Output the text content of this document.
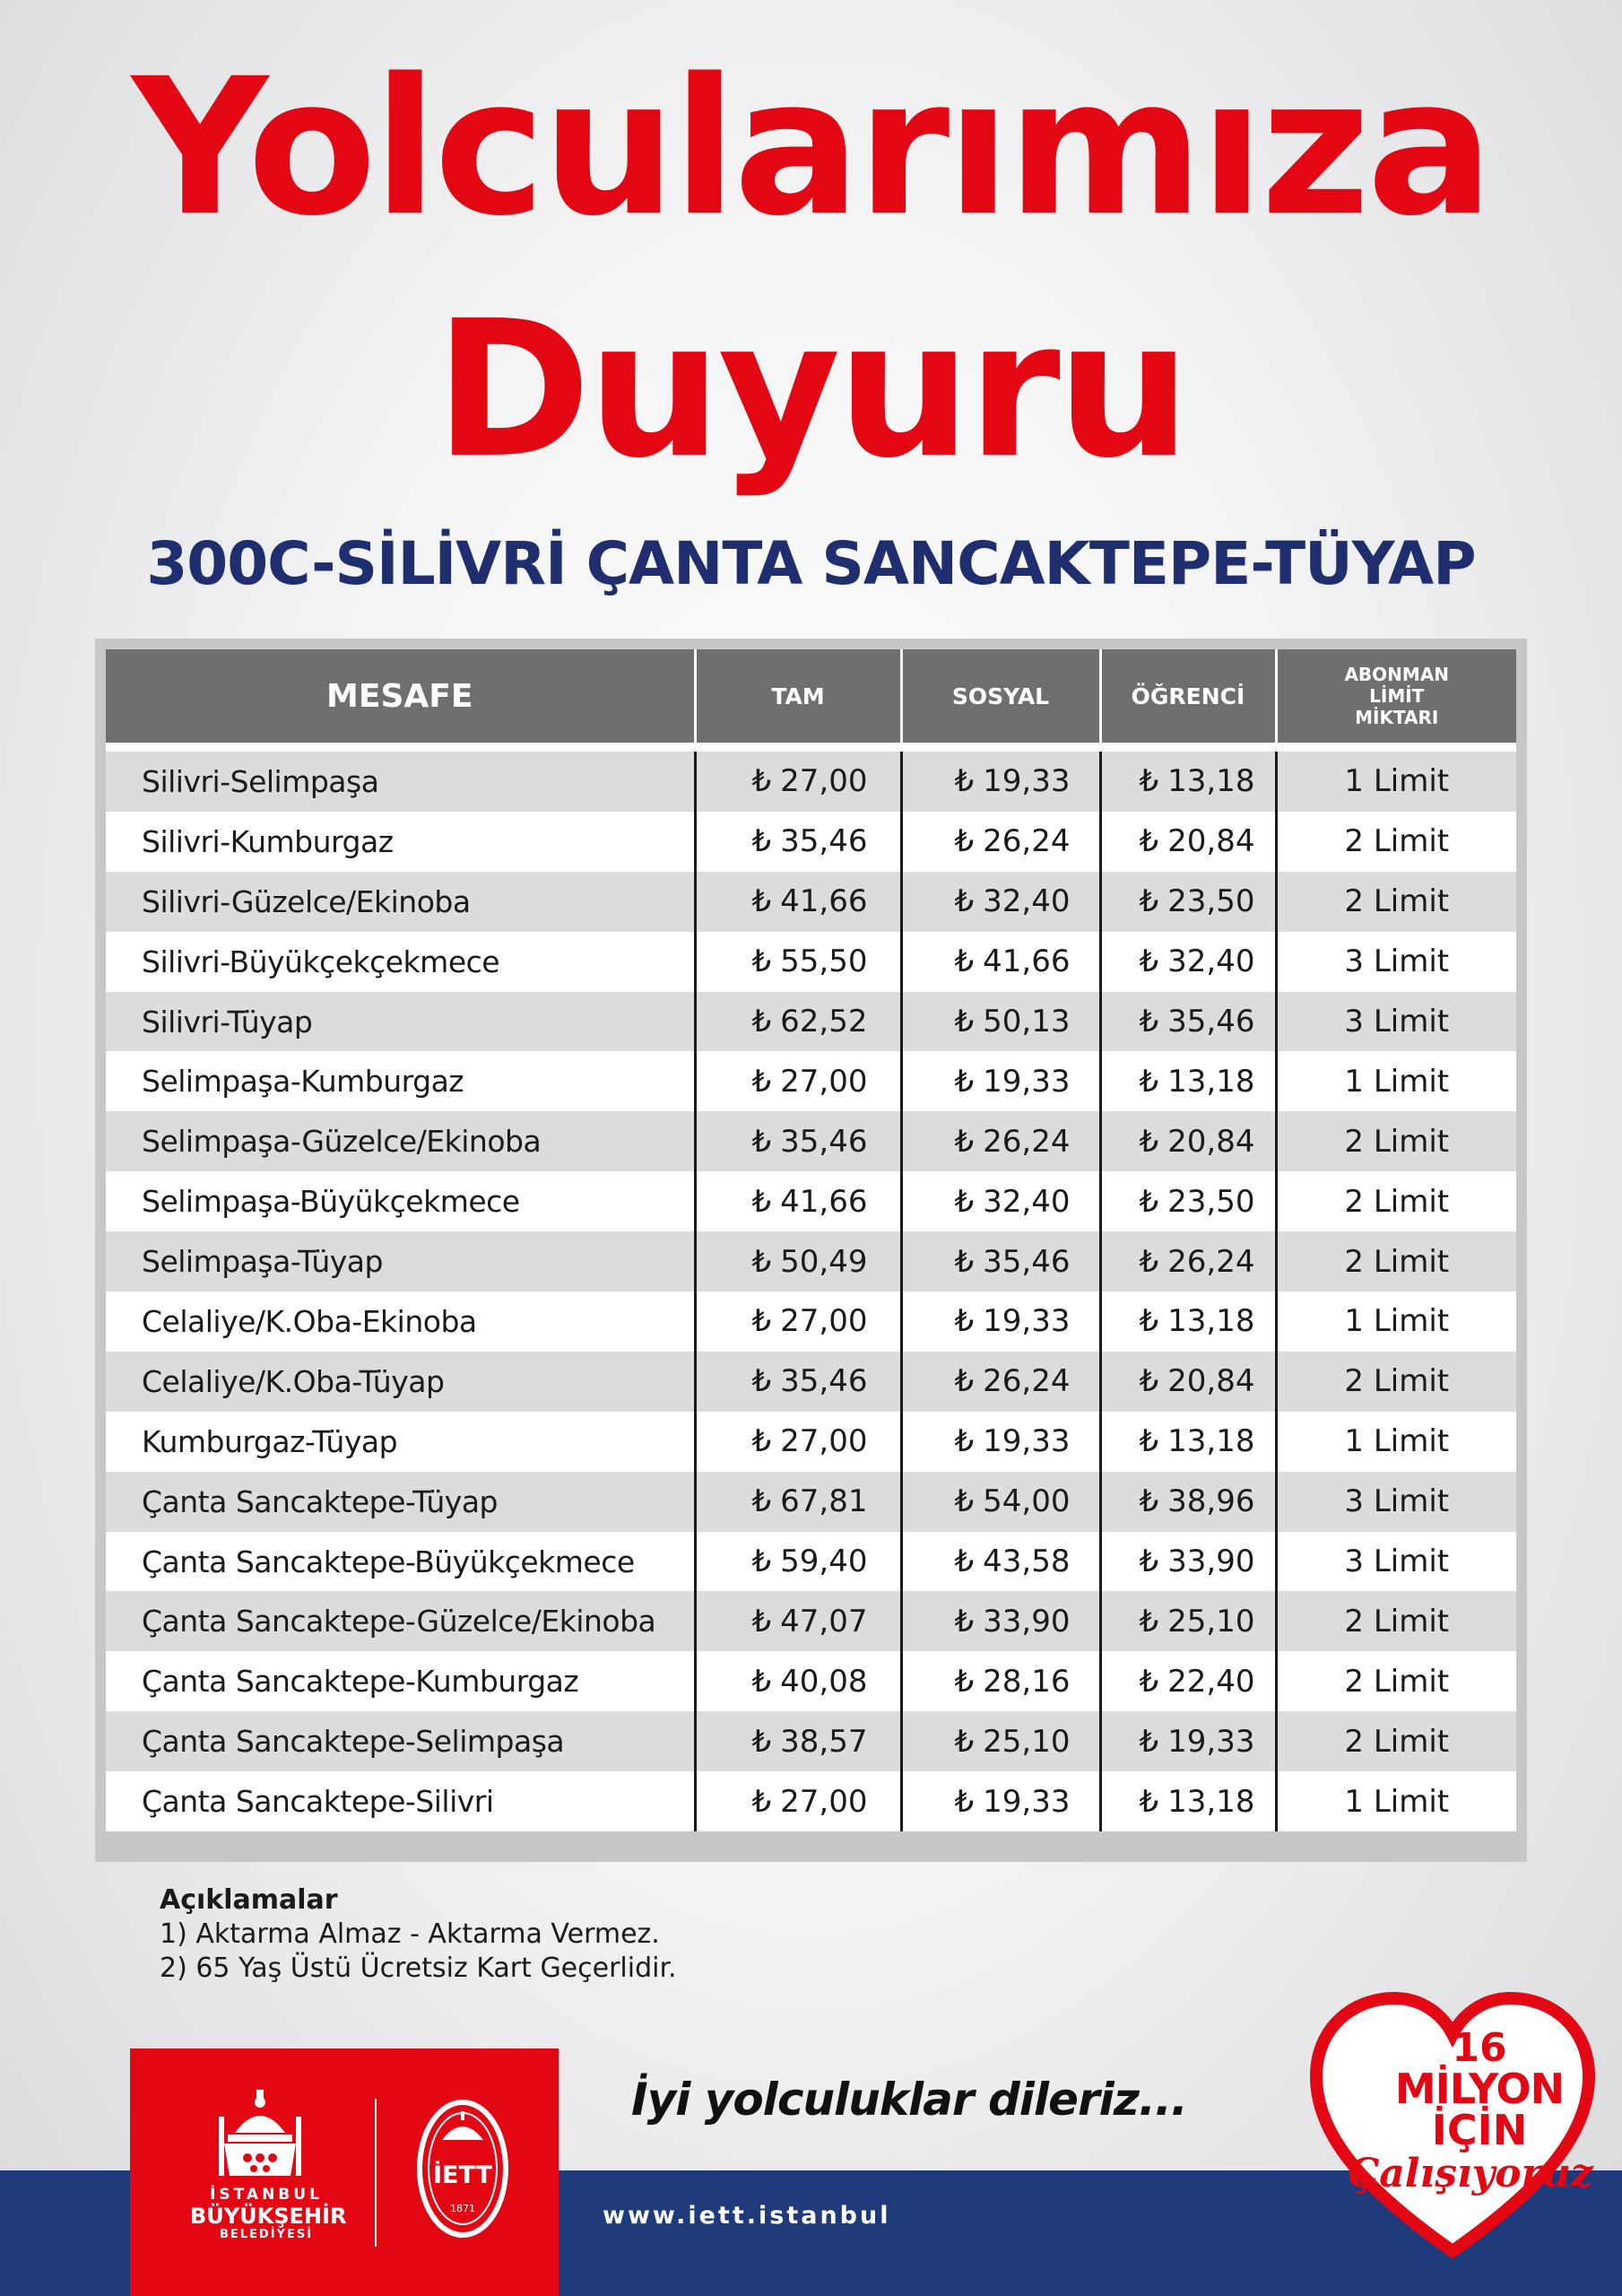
Yolcularımıza
Duyuru
300C-SİLİVRİ ÇANTA SANCAKTEPE-TÜYAP
MESAFE	TAM	SOSYAL	ÖĞRENCİ	ABONMAN
LİMİT
MİKTARI
Silivri-Selimpaşa	₺ 27,00	₺ 19,33	₺ 13,18	1 Limit
Silivri-Kumburgaz	₺ 35,46	₺ 26,24	₺ 20,84	2 Limit
Silivri-Güzelce/Ekinoba	₺ 41,66	₺ 32,40	₺ 23,50	2 Limit
Silivri-Büyükçekçekmece	₺ 55,50	₺ 41,66	₺ 32,40	3 Limit
Silivri-Tüyap	₺ 62,52	₺ 50,13	₺ 35,46	3 Limit
Selimpaşa-Kumburgaz	₺ 27,00	₺ 19,33	₺ 13,18	1 Limit
Selimpaşa-Güzelce/Ekinoba	₺ 35,46	₺ 26,24	₺ 20,84	2 Limit
Selimpaşa-Büyükçekmece	₺ 41,66	₺ 32,40	₺ 23,50	2 Limit
Selimpaşa-Tüyap	₺ 50,49	₺ 35,46	₺ 26,24	2 Limit
Celaliye/K.Oba-Ekinoba	₺ 27,00	₺ 19,33	₺ 13,18	1 Limit
Celaliye/K.Oba-Tüyap	₺ 35,46	₺ 26,24	₺ 20,84	2 Limit
Kumburgaz-Tüyap	₺ 27,00	₺ 19,33	₺ 13,18	1 Limit
Çanta Sancaktepe-Tüyap	₺ 67,81	₺ 54,00	₺ 38,96	3 Limit
Çanta Sancaktepe-Büyükçekmece	₺ 59,40	₺ 43,58	₺ 33,90	3 Limit
Çanta Sancaktepe-Güzelce/Ekinoba	₺ 47,07	₺ 33,90	₺ 25,10	2 Limit
Çanta Sancaktepe-Kumburgaz	₺ 40,08	₺ 28,16	₺ 22,40	2 Limit
Çanta Sancaktepe-Selimpaşa	₺ 38,57	₺ 25,10	₺ 19,33	2 Limit
Çanta Sancaktepe-Silivri	₺ 27,00	₺ 19,33	₺ 13,18	1 Limit
Açıklamalar
1) Aktarma Almaz - Aktarma Vermez.
2) 65 Yaş Üstü Ücretsiz Kart Geçerlidir.
İSTANBUL
BÜYÜKŞEHİR
BELEDİYESİ
İETT
1871
İyi yolculuklar dileriz...
www.iett.istanbul
16
MİLYON
İÇİN
Çalışıyoruz
